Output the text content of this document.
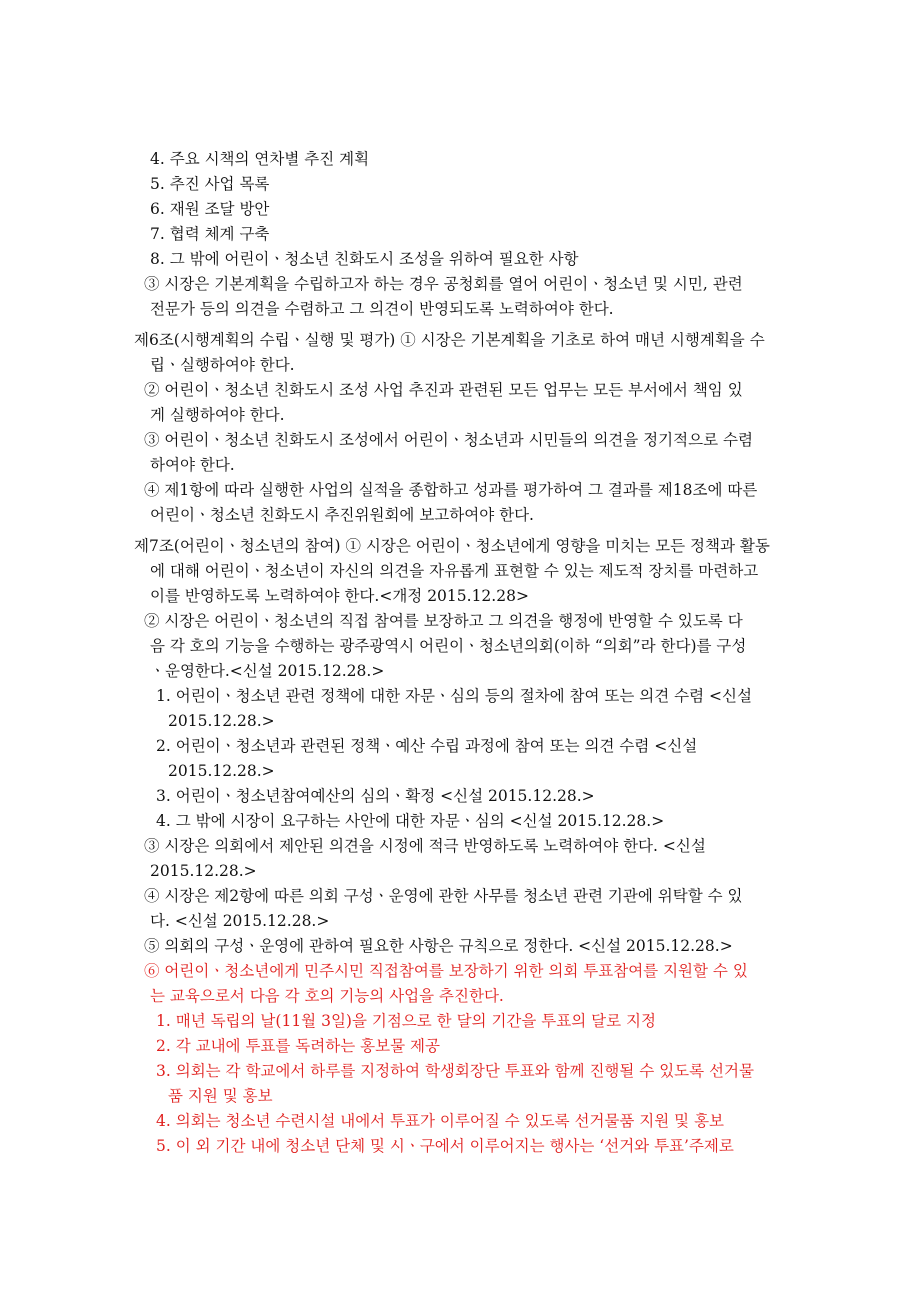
4. 주요 시책의 연차별 추진 계획
5. 추진 사업 목록
6. 재원 조달 방안
7. 협력 체계 구축
8. 그 밖에 어린이ㆍ청소년 친화도시 조성을 위하여 필요한 사항
③ 시장은 기본계획을 수립하고자 하는 경우 공청회를 열어 어린이ㆍ청소년 및 시민, 관련
전문가 등의 의견을 수렴하고 그 의견이 반영되도록 노력하여야 한다.
제6조(시행계획의 수립ㆍ실행 및 평가) ① 시장은 기본계획을 기초로 하여 매년 시행계획을 수
립ㆍ실행하여야 한다.
② 어린이ㆍ청소년 친화도시 조성 사업 추진과 관련된 모든 업무는 모든 부서에서 책임 있
게 실행하여야 한다.
③ 어린이ㆍ청소년 친화도시 조성에서 어린이ㆍ청소년과 시민들의 의견을 정기적으로 수렴
하여야 한다.
④ 제1항에 따라 실행한 사업의 실적을 종합하고 성과를 평가하여 그 결과를 제18조에 따른
어린이ㆍ청소년 친화도시 추진위원회에 보고하여야 한다.
제7조(어린이ㆍ청소년의 참여) ① 시장은 어린이ㆍ청소년에게 영향을 미치는 모든 정책과 활동
에 대해 어린이ㆍ청소년이 자신의 의견을 자유롭게 표현할 수 있는 제도적 장치를 마련하고
이를 반영하도록 노력하여야 한다.<개정 2015.12.28>
② 시장은 어린이ㆍ청소년의 직접 참여를 보장하고 그 의견을 행정에 반영할 수 있도록 다
음 각 호의 기능을 수행하는 광주광역시 어린이ㆍ청소년의회(이하 “의회”라 한다)를 구성
ㆍ운영한다.<신설 2015.12.28.>
1. 어린이ㆍ청소년 관련 정책에 대한 자문ㆍ심의 등의 절차에 참여 또는 의견 수렴 <신설
2015.12.28.>
2. 어린이ㆍ청소년과 관련된 정책ㆍ예산 수립 과정에 참여 또는 의견 수렴 <신설
2015.12.28.>
3. 어린이ㆍ청소년참여예산의 심의ㆍ확정 <신설 2015.12.28.>
4. 그 밖에 시장이 요구하는 사안에 대한 자문ㆍ심의 <신설 2015.12.28.>
③ 시장은 의회에서 제안된 의견을 시정에 적극 반영하도록 노력하여야 한다. <신설
2015.12.28.>
④ 시장은 제2항에 따른 의회 구성ㆍ운영에 관한 사무를 청소년 관련 기관에 위탁할 수 있
다. <신설 2015.12.28.>
⑤ 의회의 구성ㆍ운영에 관하여 필요한 사항은 규칙으로 정한다. <신설 2015.12.28.>
⑥ 어린이ㆍ청소년에게 민주시민 직접참여를 보장하기 위한 의회 투표참여를 지원할 수 있
는 교육으로서 다음 각 호의 기능의 사업을 추진한다.
1. 매년 독립의 날(11월 3일)을 기점으로 한 달의 기간을 투표의 달로 지정
2. 각 교내에 투표를 독려하는 홍보물 제공
3. 의회는 각 학교에서 하루를 지정하여 학생회장단 투표와 함께 진행될 수 있도록 선거물
품 지원 및 홍보
4. 의회는 청소년 수련시설 내에서 투표가 이루어질 수 있도록 선거물품 지원 및 홍보
5. 이 외 기간 내에 청소년 단체 및 시ㆍ구에서 이루어지는 행사는 ‘선거와 투표’주제로
